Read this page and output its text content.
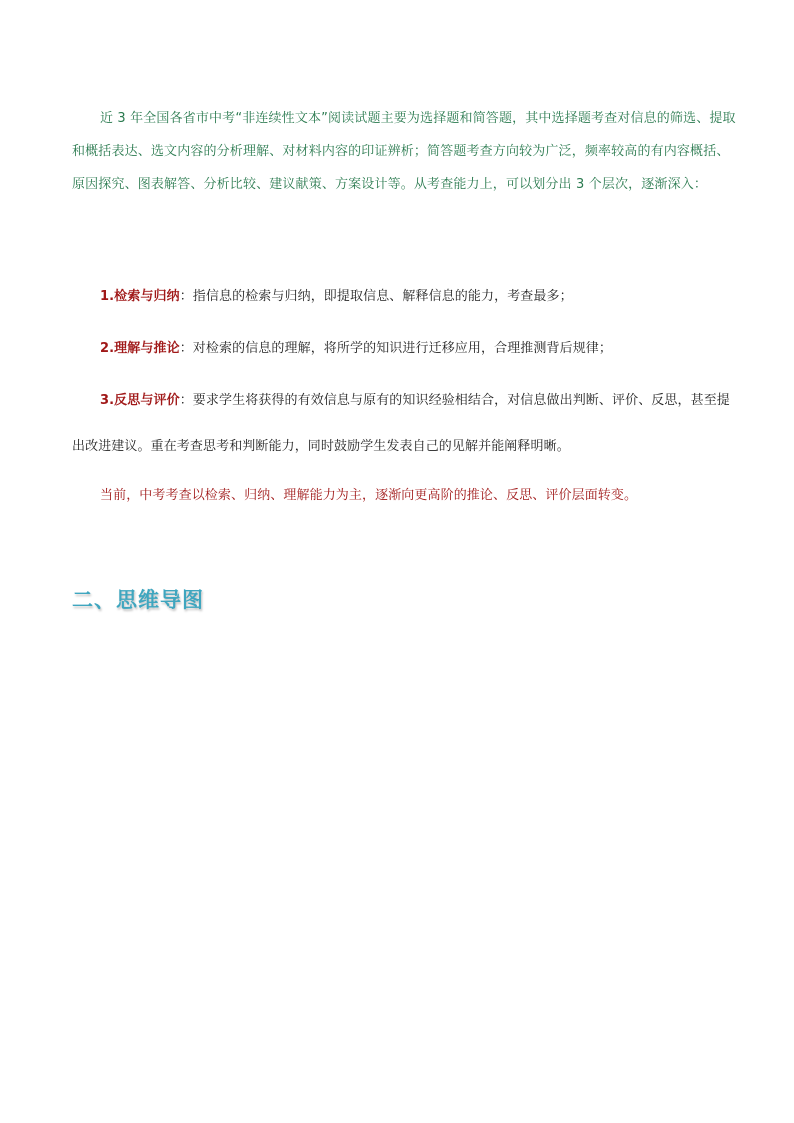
近 3 年全国各省市中考“非连续性文本”阅读试题主要为选择题和简答题，其中选择题考查对信息的筛选、提取和概括表达、选文内容的分析理解、对材料内容的印证辨析；简答题考查方向较为广泛，频率较高的有内容概括、原因探究、图表解答、分析比较、建议献策、方案设计等。从考查能力上，可以划分出 3 个层次，逐渐深入：

1.检索与归纳：指信息的检索与归纳，即提取信息、解释信息的能力，考查最多；

2.理解与推论：对检索的信息的理解，将所学的知识进行迁移应用，合理推测背后规律；

3.反思与评价：要求学生将获得的有效信息与原有的知识经验相结合，对信息做出判断、评价、反思，甚至提出改进建议。重在考查思考和判断能力，同时鼓励学生发表自己的见解并能阐释明晰。

当前，中考考查以检索、归纳、理解能力为主，逐渐向更高阶的推论、反思、评价层面转变。

二、思维导图
